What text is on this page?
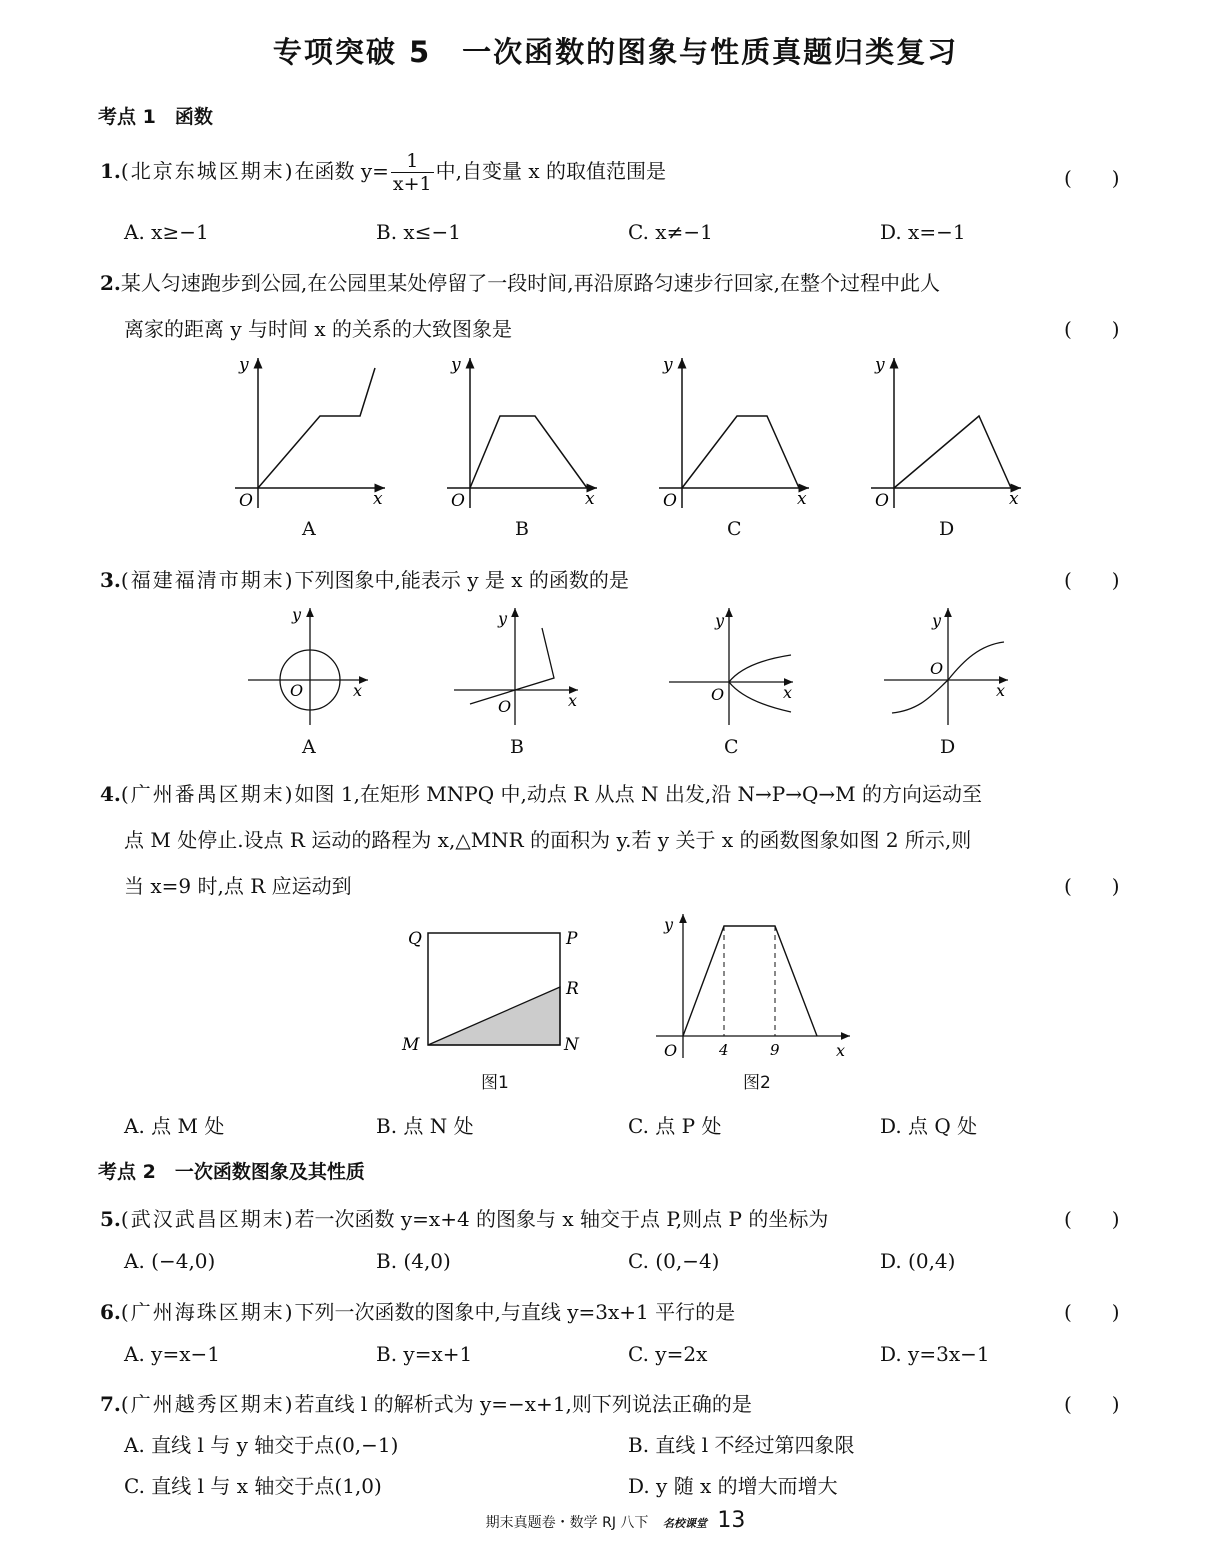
专项突破 5　一次函数的图象与性质真题归类复习
考点 1　函数
1.(北京东城区期末)在函数 $y= \frac{1}{x+1}$ 中,自变量 x 的取值范围是	(　　)
A. x≥−1	B. x≤−1	C. x≠−1	D. x=−1
2.某人匀速跑步到公园,在公园里某处停留了一段时间,再沿原路匀速步行回家,在整个过程中此人
离家的距离 y 与时间 x 的关系的大致图象是	(　　)
y
O	x
y
O	x
y
O	x
y
O	x
A	B	C	D
3.(福建福清市期末)下列图象中,能表示 y 是 x 的函数的是	(　　)
y
O	x
y
O	x
y
O	x
y
O
x
A	B	C	D
4.(广州番禺区期末)如图 1,在矩形 MNPQ 中,动点 R 从点 N 出发,沿 N→P→Q→M 的方向运动至
点 M 处停止.设点 R 运动的路程为 x,△MNR 的面积为 y.若 y 关于 x 的函数图象如图 2 所示,则
当 x=9 时,点 R 应运动到	(　　)
Q	P
R
M	N
y
O	4	9	x
图1	图2
A. 点 M 处	B. 点 N 处	C. 点 P 处	D. 点 Q 处
考点 2　一次函数图象及其性质
5.(武汉武昌区期末)若一次函数 y=x+4 的图象与 x 轴交于点 P,则点 P 的坐标为	(　　)
A. (−4,0)	B. (4,0)	C. (0,−4)	D. (0,4)
6.(广州海珠区期末)下列一次函数的图象中,与直线 y=3x+1 平行的是	(　　)
A. y=x−1	B. y=x+1	C. y=2x	D. y=3x−1
7.(广州越秀区期末)若直线 l 的解析式为 y=−x+1,则下列说法正确的是	(　　)
A. 直线 l 与 y 轴交于点(0,−1)	B. 直线 l 不经过第四象限
C. 直线 l 与 x 轴交于点(1,0)	D. y 随 x 的增大而增大
期末真题卷・数学 RJ 八下 名校课堂 13
